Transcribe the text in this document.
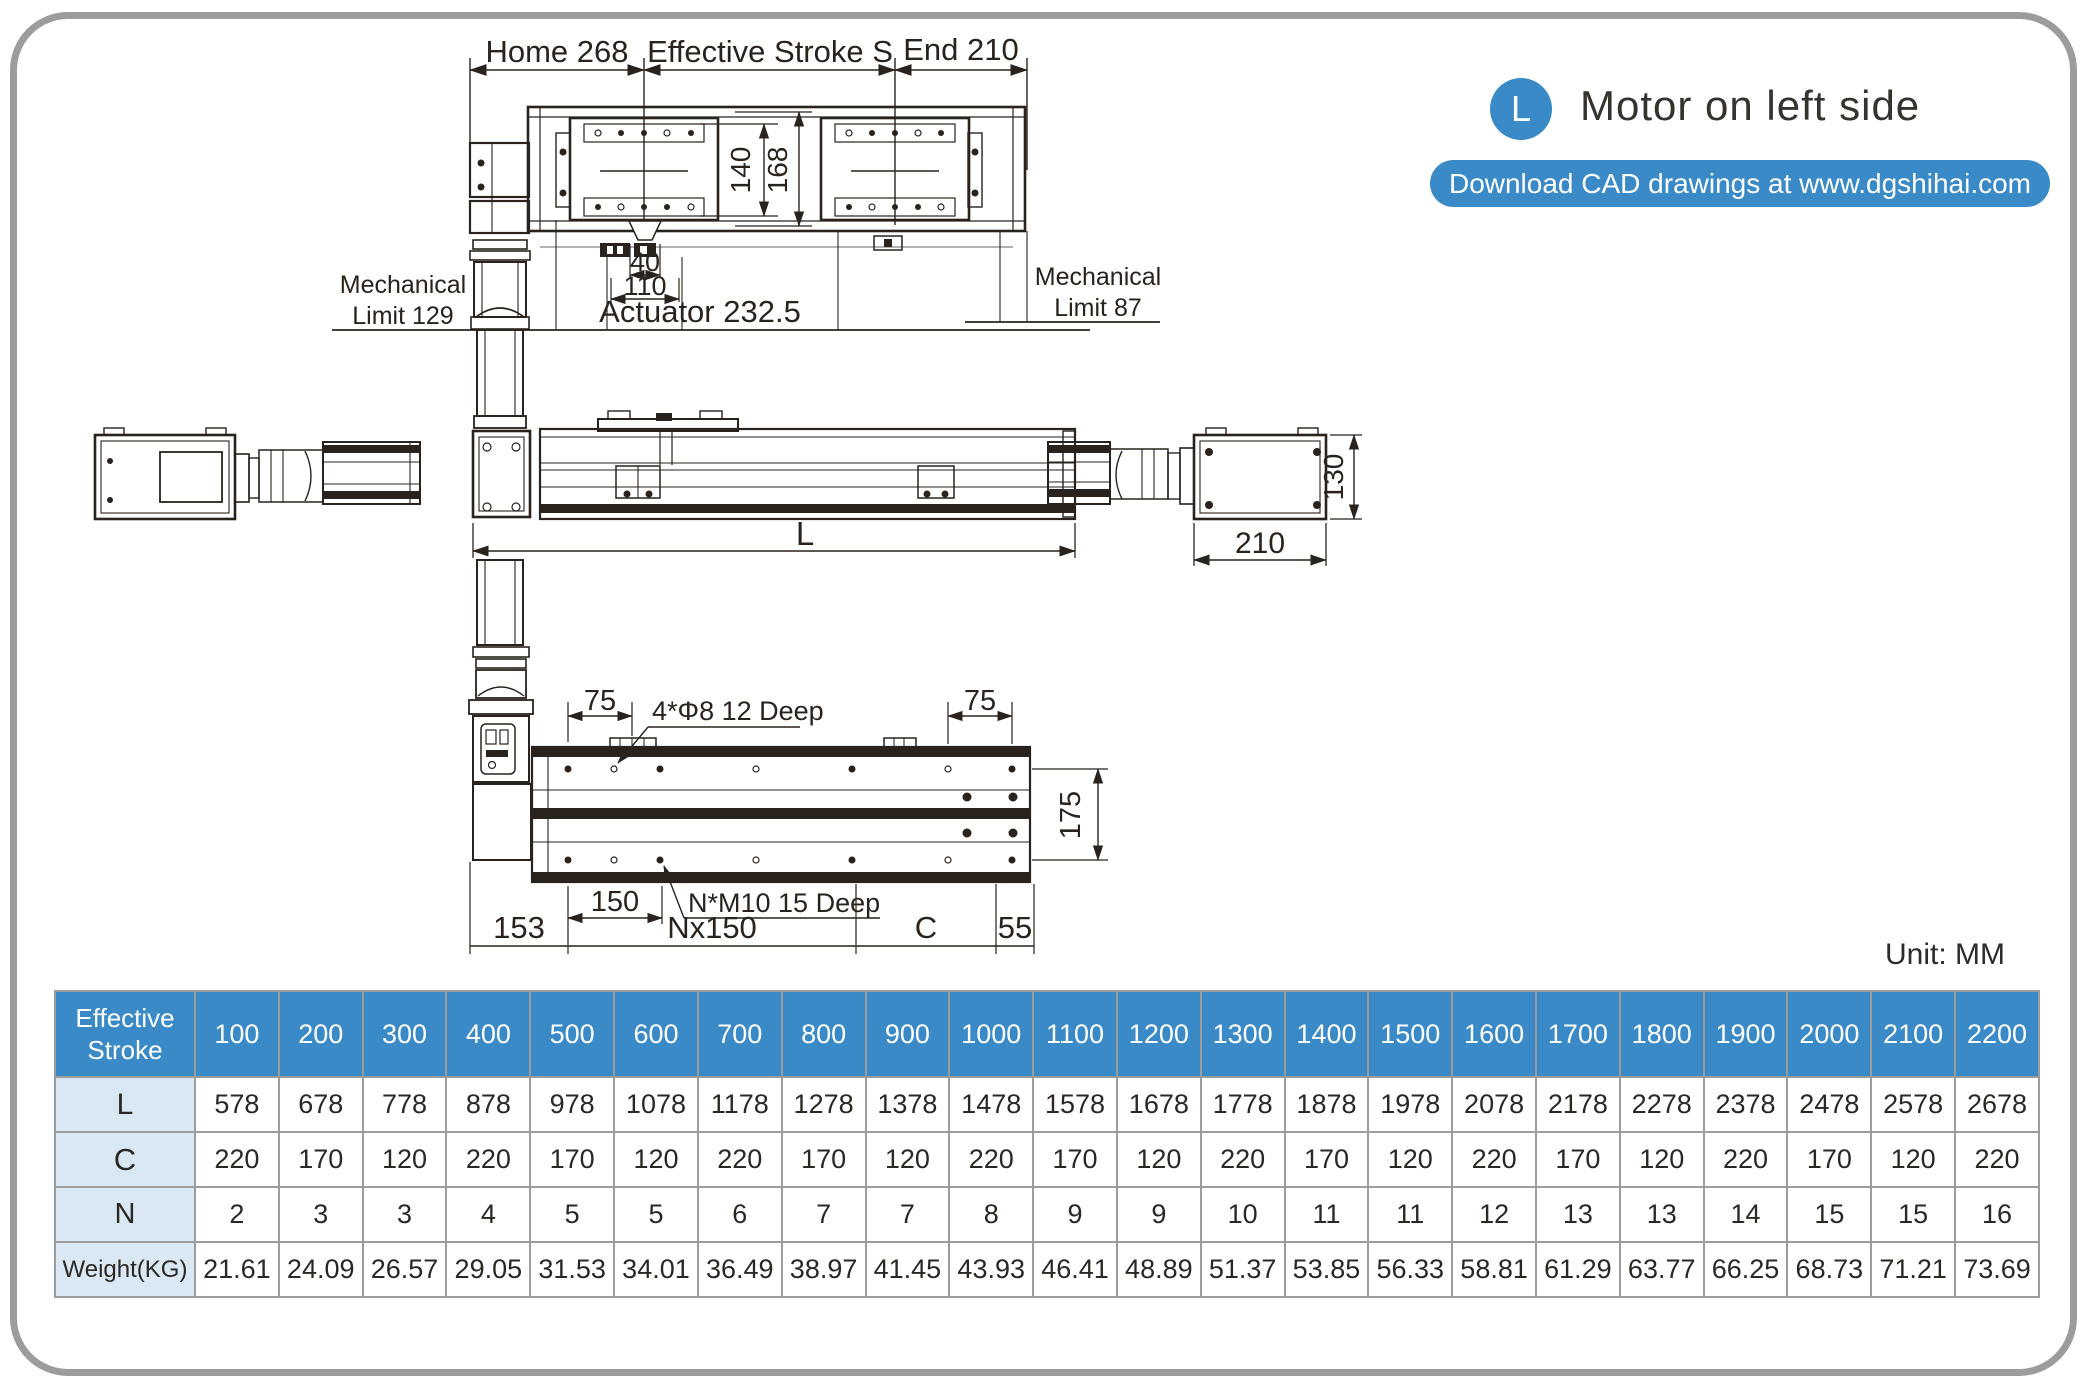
Home 268 Effective Stroke S End 210
140 168
40
110
Mechanical
Limit 129	Actuator 232.5
Mechanical
Limit 87
L
130
210
75	75
4*Φ8 12 Deep
175
150 N*M10 15 Deep
153	Nx150	C 55
L Motor on left side
Download CAD drawings at www.dgshihai.com
Unit: MM
Effective Stroke	100	200	300	400	500	600	700	800	900	1000	1100	1200	1300	1400	1500	1600	1700	1800	1900	2000	2100	2200
L	578	678	778	878	978	1078	1178	1278	1378	1478	1578	1678	1778	1878	1978	2078	2178	2278	2378	2478	2578	2678
C	220	170	120	220	170	120	220	170	120	220	170	120	220	170	120	220	170	120	220	170	120	220
N	2	3	3	4	5	5	6	7	7	8	9	9	10	11	11	12	13	13	14	15	15	16
Weight(KG)	21.61	24.09	26.57	29.05	31.53	34.01	36.49	38.97	41.45	43.93	46.41	48.89	51.37	53.85	56.33	58.81	61.29	63.77	66.25	68.73	71.21	73.69
